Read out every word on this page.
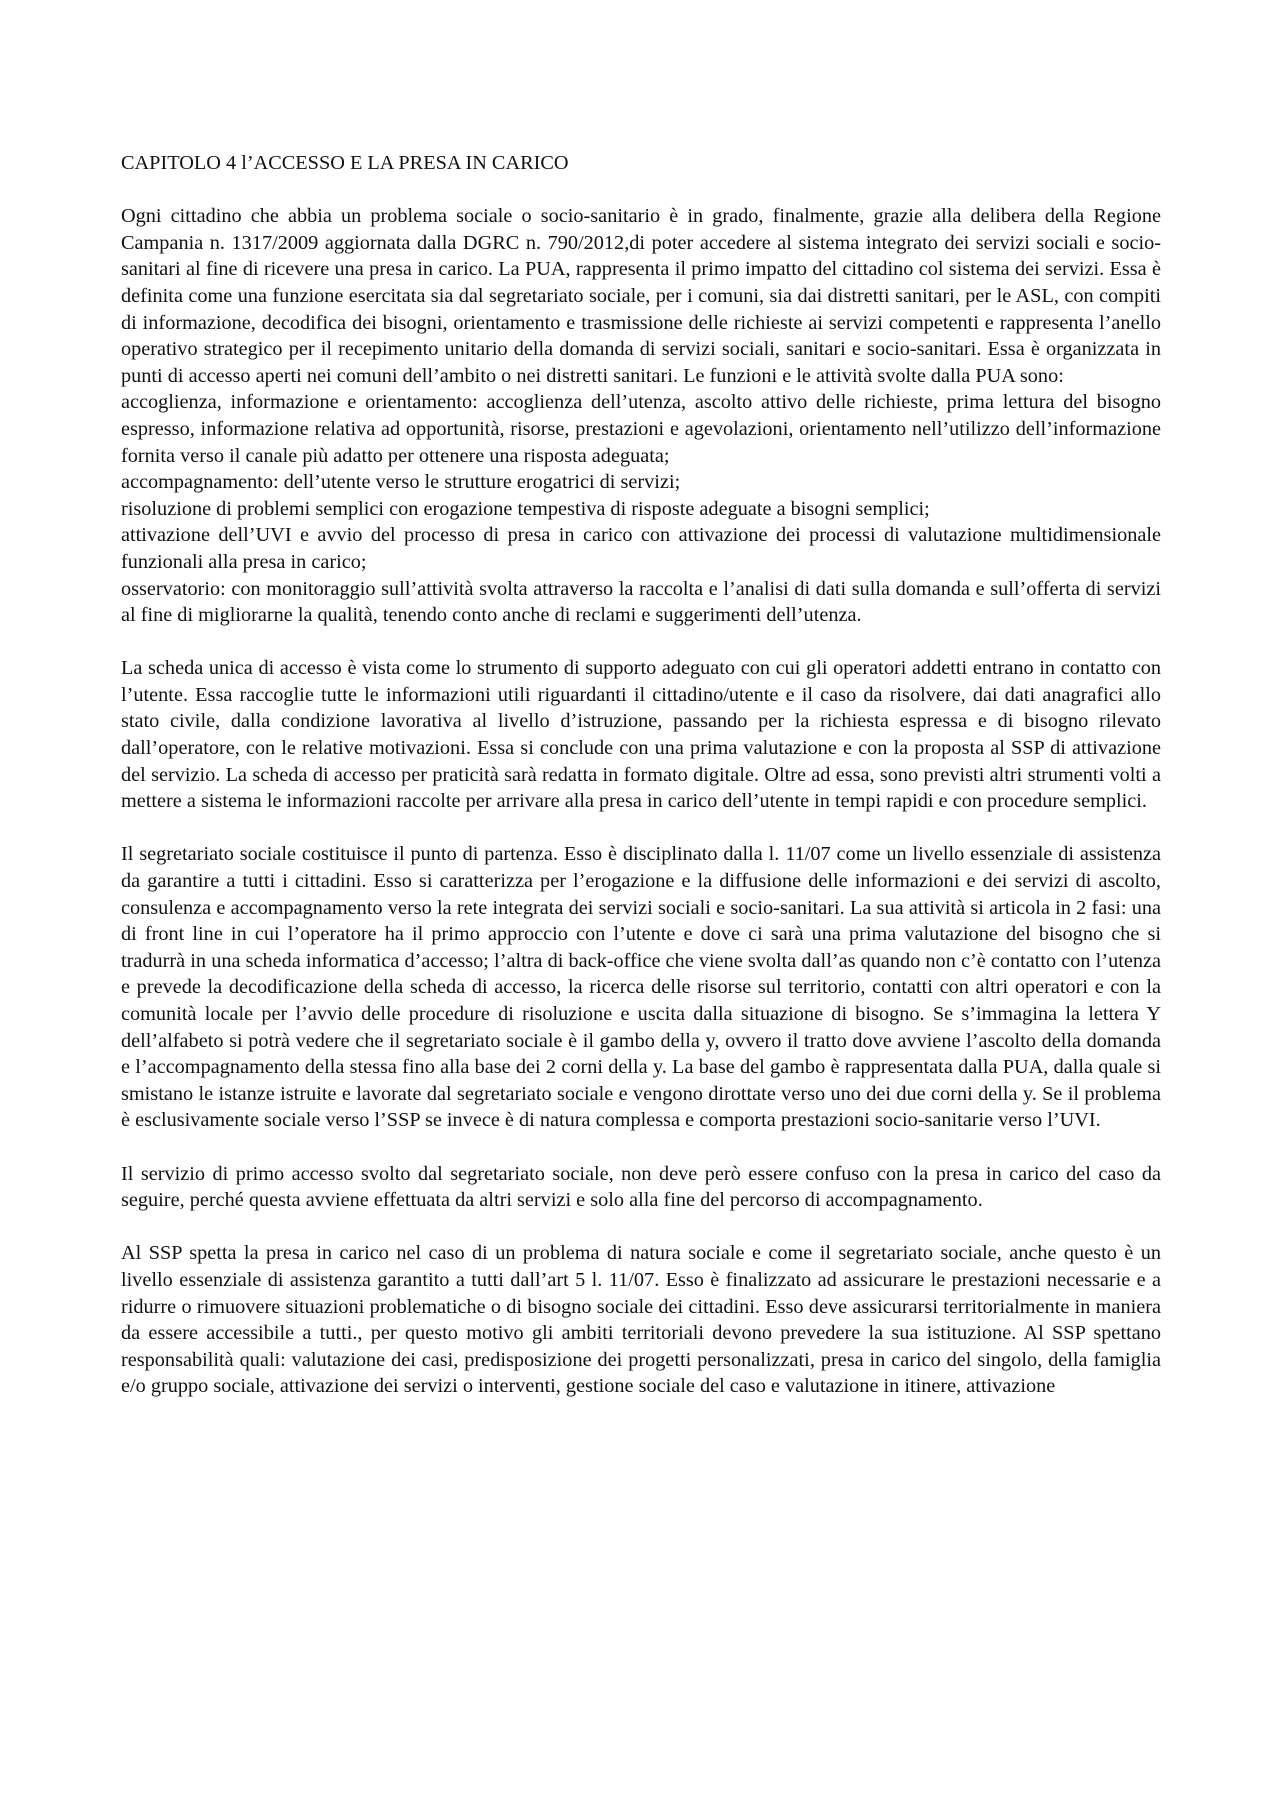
CAPITOLO 4 l’ACCESSO E LA PRESA IN CARICO

Ogni cittadino che abbia un problema sociale o socio-sanitario è in grado, finalmente, grazie alla delibera della Regione Campania n. 1317/2009 aggiornata dalla DGRC n. 790/2012,di poter accedere al sistema integrato dei servizi sociali e socio-sanitari al fine di ricevere una presa in carico. La PUA, rappresenta il primo impatto del cittadino col sistema dei servizi. Essa è definita come una funzione esercitata sia dal segretariato sociale, per i comuni, sia dai distretti sanitari, per le ASL, con compiti di informazione, decodifica dei bisogni, orientamento e trasmissione delle richieste ai servizi competenti e rappresenta l’anello operativo strategico per il recepimento unitario della domanda di servizi sociali, sanitari e socio-sanitari. Essa è organizzata in punti di accesso aperti nei comuni dell’ambito o nei distretti sanitari. Le funzioni e le attività svolte dalla PUA sono:

accoglienza, informazione e orientamento: accoglienza dell’utenza, ascolto attivo delle richieste, prima lettura del bisogno espresso, informazione relativa ad opportunità, risorse, prestazioni e agevolazioni, orientamento nell’utilizzo dell’informazione fornita verso il canale più adatto per ottenere una risposta adeguata;

accompagnamento: dell’utente verso le strutture erogatrici di servizi;

risoluzione di problemi semplici con erogazione tempestiva di risposte adeguate a bisogni semplici;

attivazione dell’UVI e avvio del processo di presa in carico con attivazione dei processi di valutazione multidimensionale funzionali alla presa in carico;

osservatorio: con monitoraggio sull’attività svolta attraverso la raccolta e l’analisi di dati sulla domanda e sull’offerta di servizi al fine di migliorarne la qualità, tenendo conto anche di reclami e suggerimenti dell’utenza.

La scheda unica di accesso è vista come lo strumento di supporto adeguato con cui gli operatori addetti entrano in contatto con l’utente. Essa raccoglie tutte le informazioni utili riguardanti il cittadino/utente e il caso da risolvere, dai dati anagrafici allo stato civile, dalla condizione lavorativa al livello d’istruzione, passando per la richiesta espressa e di bisogno rilevato dall’operatore, con le relative motivazioni. Essa si conclude con una prima valutazione e con la proposta al SSP di attivazione del servizio. La scheda di accesso per praticità sarà redatta in formato digitale. Oltre ad essa, sono previsti altri strumenti volti a mettere a sistema le informazioni raccolte per arrivare alla presa in carico dell’utente in tempi rapidi e con procedure semplici.

Il segretariato sociale costituisce il punto di partenza. Esso è disciplinato dalla l. 11/07 come un livello essenziale di assistenza da garantire a tutti i cittadini. Esso si caratterizza per l’erogazione e la diffusione delle informazioni e dei servizi di ascolto, consulenza e accompagnamento verso la rete integrata dei servizi sociali e socio-sanitari. La sua attività si articola in 2 fasi: una di front line in cui l’operatore ha il primo approccio con l’utente e dove ci sarà una prima valutazione del bisogno che si tradurrà in una scheda informatica d’accesso; l’altra di back-office che viene svolta dall’as quando non c’è contatto con l’utenza e prevede la decodificazione della scheda di accesso, la ricerca delle risorse sul territorio, contatti con altri operatori e con la comunità locale per l’avvio delle procedure di risoluzione e uscita dalla situazione di bisogno. Se s’immagina la lettera Y dell’alfabeto si potrà vedere che il segretariato sociale è il gambo della y, ovvero il tratto dove avviene l’ascolto della domanda e l’accompagnamento della stessa fino alla base dei 2 corni della y. La base del gambo è rappresentata dalla PUA, dalla quale si smistano le istanze istruite e lavorate dal segretariato sociale e vengono dirottate verso uno dei due corni della y. Se il problema è esclusivamente sociale verso l’SSP se invece è di natura complessa e comporta prestazioni socio-sanitarie verso l’UVI.

Il servizio di primo accesso svolto dal segretariato sociale, non deve però essere confuso con la presa in carico del caso da seguire, perché questa avviene effettuata da altri servizi e solo alla fine del percorso di accompagnamento.

Al SSP spetta la presa in carico nel caso di un problema di natura sociale e come il segretariato sociale, anche questo è un livello essenziale di assistenza garantito a tutti dall’art 5 l. 11/07. Esso è finalizzato ad assicurare le prestazioni necessarie e a ridurre o rimuovere situazioni problematiche o di bisogno sociale dei cittadini. Esso deve assicurarsi territorialmente in maniera da essere accessibile a tutti., per questo motivo gli ambiti territoriali devono prevedere la sua istituzione. Al SSP spettano responsabilità quali: valutazione dei casi, predisposizione dei progetti personalizzati, presa in carico del singolo, della famiglia e/o gruppo sociale, attivazione dei servizi o interventi, gestione sociale del caso e valutazione in itinere, attivazione
